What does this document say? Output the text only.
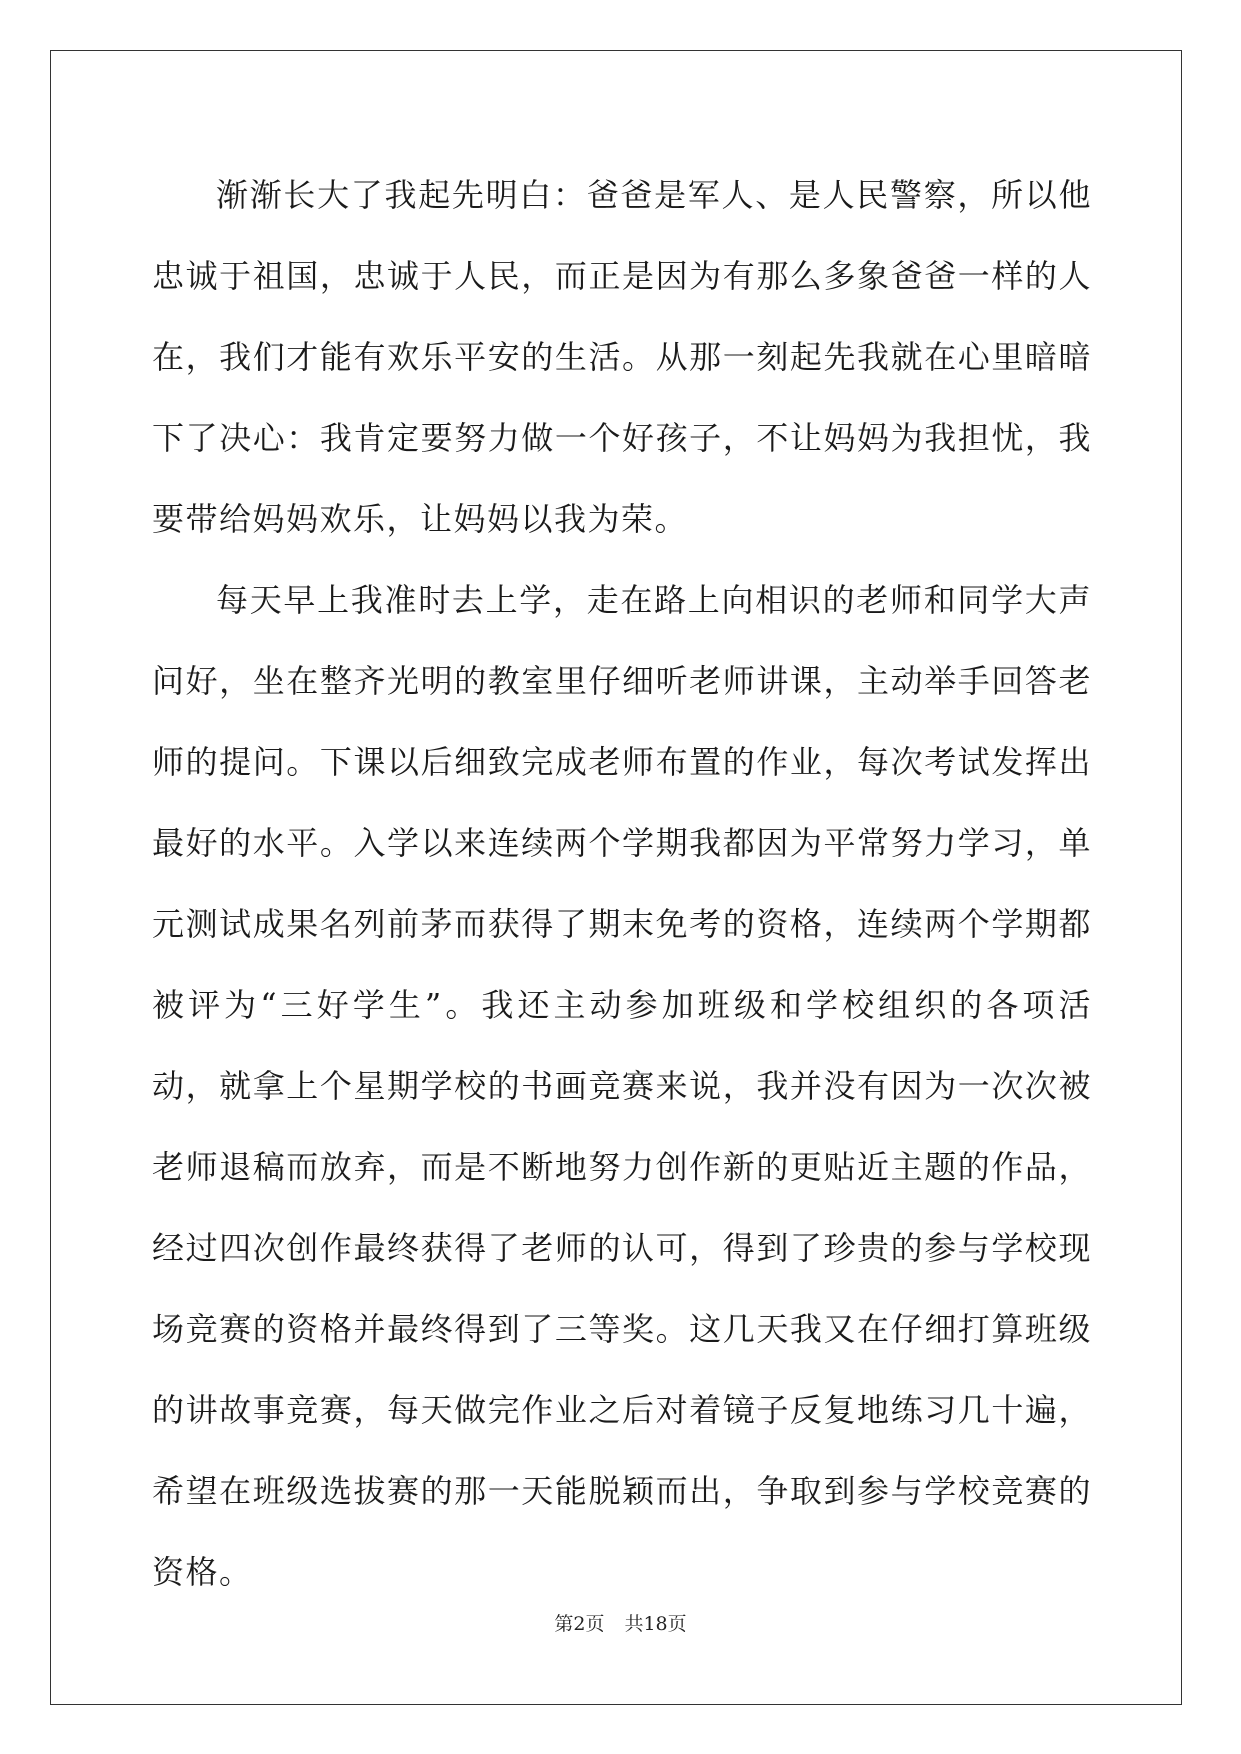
渐渐长大了我起先明白：爸爸是军人、是人民警察，所以他忠诚于祖国，忠诚于人民，而正是因为有那么多象爸爸一样的人在，我们才能有欢乐平安的生活。从那一刻起先我就在心里暗暗下了决心：我肯定要努力做一个好孩子，不让妈妈为我担忧，我要带给妈妈欢乐，让妈妈以我为荣。

每天早上我准时去上学，走在路上向相识的老师和同学大声问好，坐在整齐光明的教室里仔细听老师讲课，主动举手回答老师的提问。下课以后细致完成老师布置的作业，每次考试发挥出最好的水平。入学以来连续两个学期我都因为平常努力学习，单元测试成果名列前茅而获得了期末免考的资格，连续两个学期都被评为“三好学生”。我还主动参加班级和学校组织的各项活动，就拿上个星期学校的书画竞赛来说，我并没有因为一次次被老师退稿而放弃，而是不断地努力创作新的更贴近主题的作品，经过四次创作最终获得了老师的认可，得到了珍贵的参与学校现场竞赛的资格并最终得到了三等奖。这几天我又在仔细打算班级的讲故事竞赛，每天做完作业之后对着镜子反复地练习几十遍，希望在班级选拔赛的那一天能脱颖而出，争取到参与学校竞赛的资格。

第2页 共18页
